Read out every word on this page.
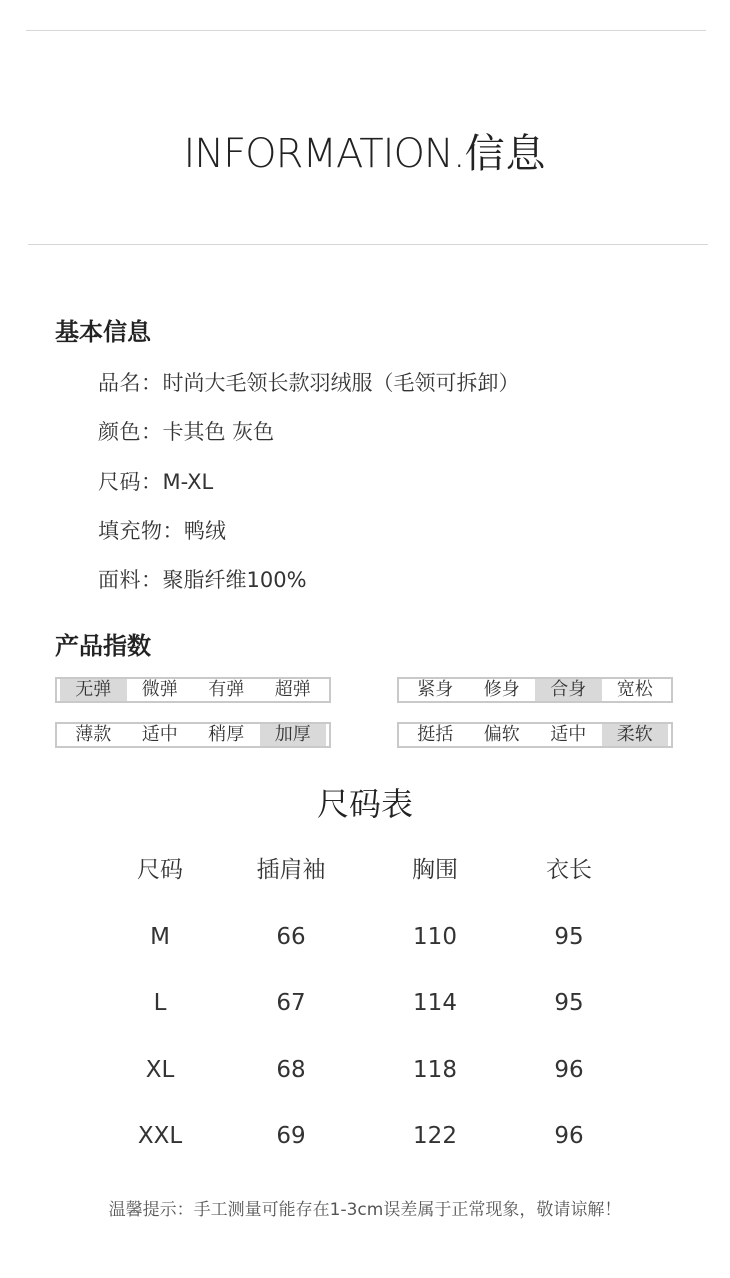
INFORMATION.信息
基本信息
品名：时尚大毛领长款羽绒服（毛领可拆卸）
颜色：卡其色 灰色
尺码：M-XL
填充物：鸭绒
面料：聚脂纤维100%
产品指数
无弹	微弹	有弹	超弹	紧身	修身	合身	宽松
薄款	适中	稍厚	加厚	挺括	偏软	适中	柔软
尺码表
尺码	插肩袖	胸围	衣长
M	66	110	95
L	67	114	95
XL	68	118	96
XXL	69	122	96
温馨提示：手工测量可能存在1-3cm误差属于正常现象，敬请谅解！
